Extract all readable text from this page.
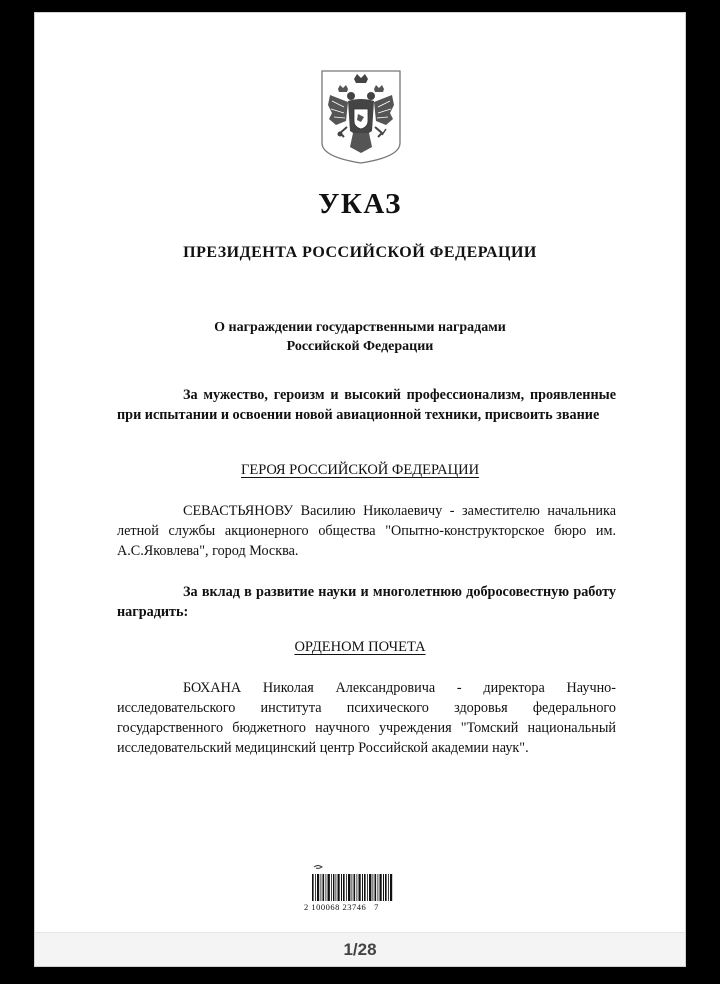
УКАЗ
ПРЕЗИДЕНТА РОССИЙСКОЙ ФЕДЕРАЦИИ
О награждении государственными наградами
Российской Федерации
За мужество, героизм и высокий профессионализм, проявленные при испытании и освоении новой авиационной техники, присвоить звание
ГЕРОЯ РОССИЙСКОЙ ФЕДЕРАЦИИ
СЕВАСТЬЯНОВУ Василию Николаевичу - заместителю начальника летной службы акционерного общества "Опытно-конструкторское бюро им. А.С.Яковлева", город Москва.
За вклад в развитие науки и многолетнюю добросовестную работу наградить:
ОРДЕНОМ ПОЧЕТА
БОХАНА Николая Александровича - директора Научно-исследовательского института психического здоровья федерального государственного бюджетного научного учреждения "Томский национальный исследовательский медицинский центр Российской академии наук".
2 100068 23746   7
1/28
